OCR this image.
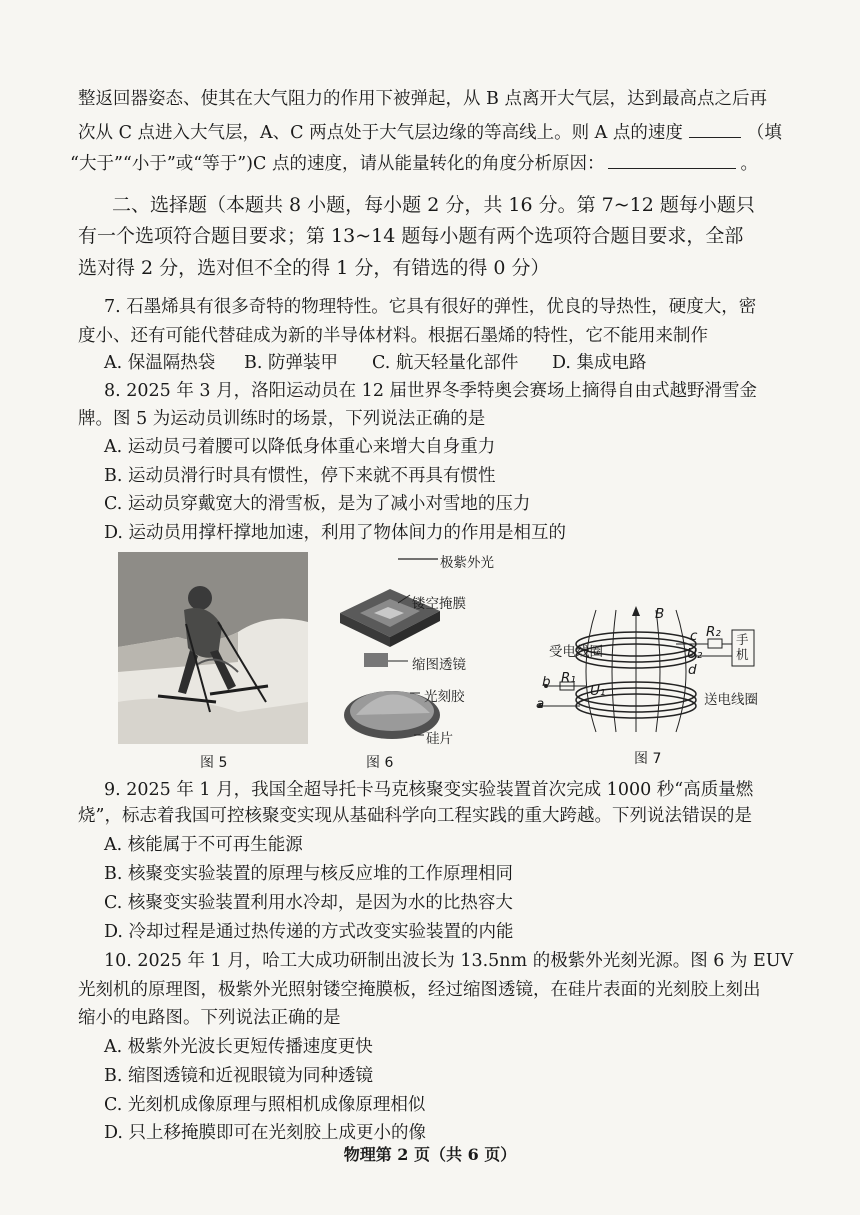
整返回器姿态、使其在大气阻力的作用下被弹起，从 B 点离开大气层，达到最高点之后再
次从 C 点进入大气层，A、C 两点处于大气层边缘的等高线上。则 A 点的速度	（填
“大于”“小于”或“等于”)C 点的速度，请从能量转化的角度分析原因：	。
二、选择题（本题共 8 小题，每小题 2 分，共 16 分。第 7~12 题每小题只
有一个选项符合题目要求；第 13~14 题每小题有两个选项符合题目要求，全部
选对得 2 分，选对但不全的得 1 分，有错选的得 0 分）
7. 石墨烯具有很多奇特的物理特性。它具有很好的弹性，优良的导热性，硬度大，密
度小、还有可能代替硅成为新的半导体材料。根据石墨烯的特性，它不能用来制作
A. 保温隔热袋 B. 防弹装甲 C. 航天轻量化部件 D. 集成电路
8. 2025 年 3 月，洛阳运动员在 12 届世界冬季特奥会赛场上摘得自由式越野滑雪金
牌。图 5 为运动员训练时的场景，下列说法正确的是
A. 运动员弓着腰可以降低身体重心来增大自身重力
B. 运动员滑行时具有惯性，停下来就不再具有惯性
C. 运动员穿戴宽大的滑雪板，是为了减小对雪地的压力
D. 运动员用撑杆撑地加速，利用了物体间力的作用是相互的
图 5
极紫外光
镂空掩膜
缩图透镜
光刻胶
硅片
图 6
B
受电线圈
c R₂
U₂
d
手机
R₁
b
U₁
a	送电线圈
图 7
9. 2025 年 1 月，我国全超导托卡马克核聚变实验装置首次完成 1000 秒“高质量燃
烧”，标志着我国可控核聚变实现从基础科学向工程实践的重大跨越。下列说法错误的是
A. 核能属于不可再生能源
B. 核聚变实验装置的原理与核反应堆的工作原理相同
C. 核聚变实验装置利用水冷却，是因为水的比热容大
D. 冷却过程是通过热传递的方式改变实验装置的内能
10. 2025 年 1 月，哈工大成功研制出波长为 13.5nm 的极紫外光刻光源。图 6 为 EUV
光刻机的原理图，极紫外光照射镂空掩膜板，经过缩图透镜，在硅片表面的光刻胶上刻出
缩小的电路图。下列说法正确的是
A. 极紫外光波长更短传播速度更快
B. 缩图透镜和近视眼镜为同种透镜
C. 光刻机成像原理与照相机成像原理相似
D. 只上移掩膜即可在光刻胶上成更小的像
物理第 2 页（共 6 页）
